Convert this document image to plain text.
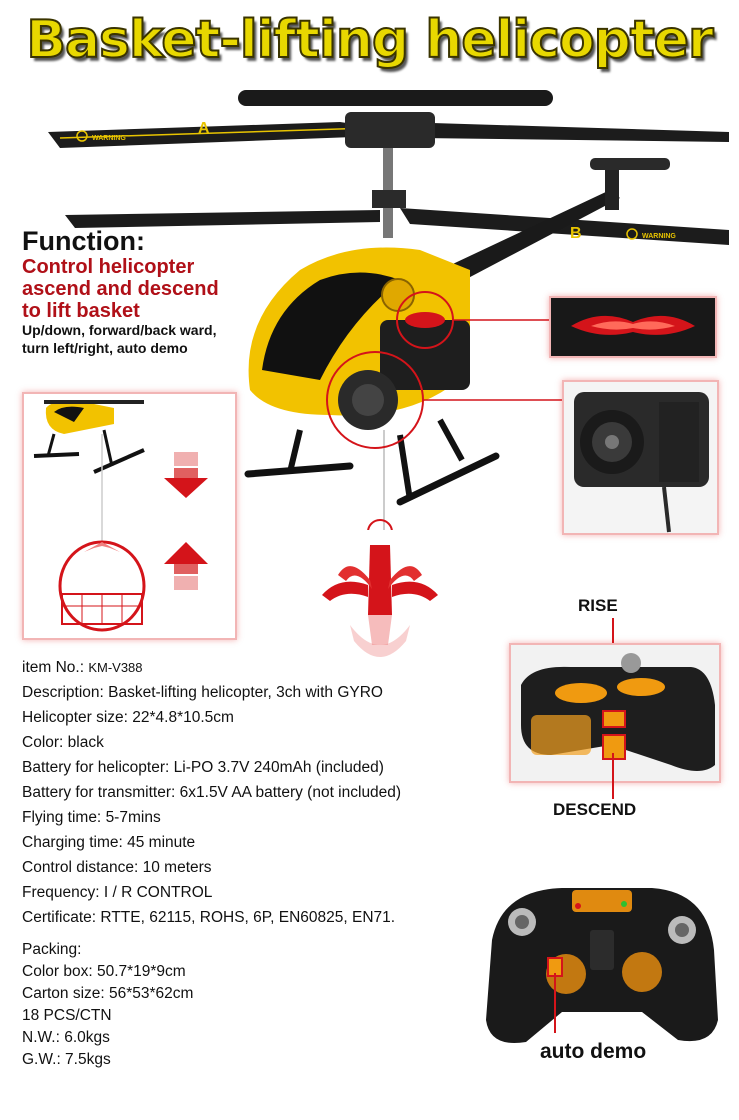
Basket-lifting helicopter
WARNING
A
B	WARNING
Function:
Control helicopter
ascend and descend
to lift basket
Up/down, forward/back ward,
turn left/right, auto demo
item No.: KM-V388
Description: Basket-lifting helicopter, 3ch with GYRO
Helicopter size: 22*4.8*10.5cm
Color: black
Battery for helicopter: Li-PO 3.7V 240mAh (included)
Battery for transmitter: 6x1.5V AA battery (not included)
Flying time: 5-7mins
Charging time: 45 minute
Control distance: 10 meters
Frequency: I / R CONTROL
Certificate: RTTE, 62115, ROHS, 6P, EN60825, EN71.
Packing:
Color box: 50.7*19*9cm
Carton size: 56*53*62cm
18 PCS/CTN
N.W.: 6.0kgs
G.W.: 7.5kgs
RISE
DESCEND
auto demo
